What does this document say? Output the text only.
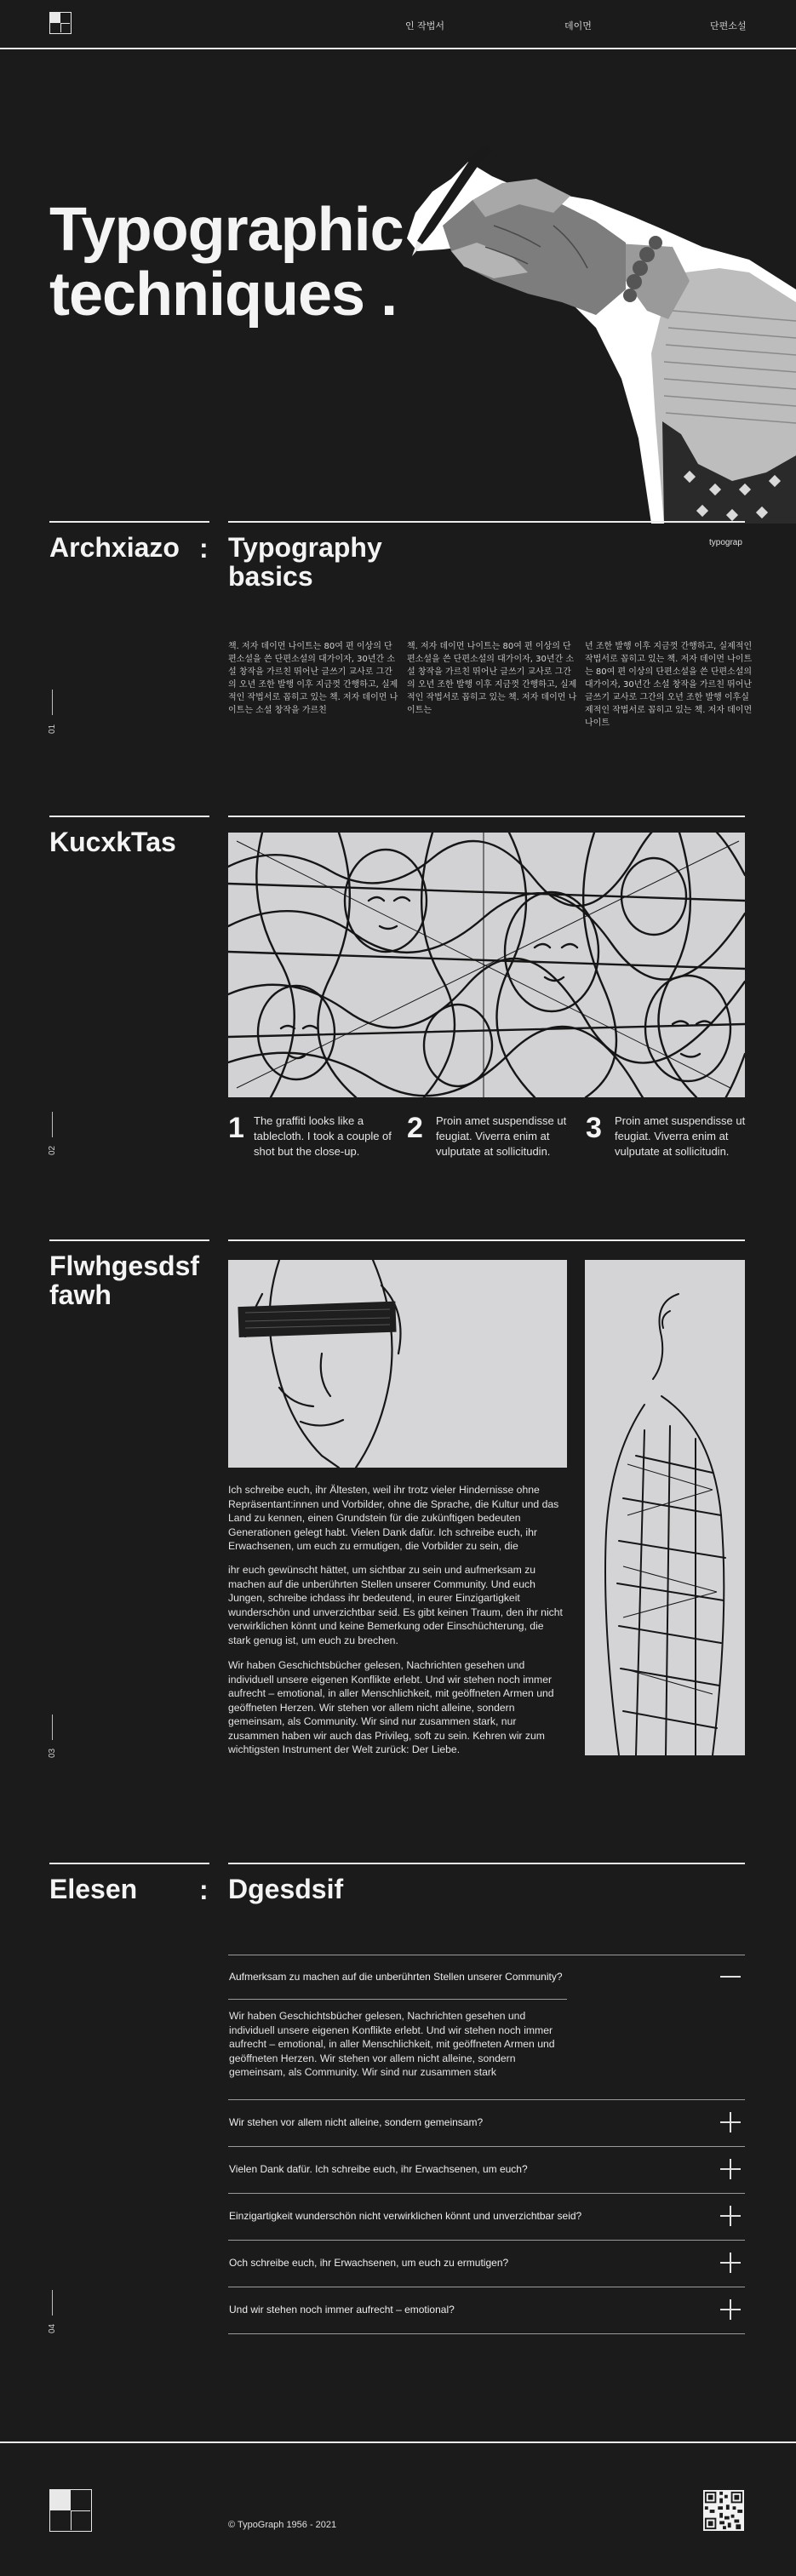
인 작법서	데이먼	단편소설
Typographic
techniques .
Archxiazo : Typography
basics
typograp
책. 저자 데이먼 나이트는 80여 편 이상의 단편소설을 쓴 단편소설의 대가이자, 30년간 소설 창작을 가르친 뛰어난 글쓰기 교사로 그간의 오년 조한 발행 이후 지금껏 간행하고, 실제적인 작법서로 꼽히고 있는 책. 저자 데이먼 나이트는 소설 창작을 가르친
책. 저자 데이먼 나이트는 80여 편 이상의 단편소설을 쓴 단편소설의 대가이자, 30년간 소설 창작을 가르친 뛰어난 글쓰기 교사로 그간의 오년 조한 발행 이후 지금껏 간행하고, 실제적인 작법서로 꼽히고 있는 책. 저자 데이먼 나이트는
년 조한 발행 이후 지금껏 간행하고, 실제적인 작법서로 꼽히고 있는 책. 저자 데이먼 나이트는 80여 편 이상의 단편소설을 쓴 단편소설의 대가이자, 30년간 소설 창작을 가르친 뛰어난 글쓰기 교사로 그간의 오년 조한 발행 이후실제적인 작법서로 꼽히고 있는 책. 저자 데이먼 나이트
01
KucxkTas
1 The graffiti looks like a tablecloth. I took a couple of shot but the close-up.
2 Proin amet suspendisse ut feugiat. Viverra enim at vulputate at sollicitudin.
3 Proin amet suspendisse ut feugiat. Viverra enim at vulputate at sollicitudin.
02
Flwhgesdsf
fawh
Ich schreibe euch, ihr Ältesten, weil ihr trotz vieler Hindernisse ohne Repräsentant:innen und Vorbilder, ohne die Sprache, die Kultur und das Land zu kennen, einen Grundstein für die zukünftigen bedeuten Generationen gelegt habt. Vielen Dank dafür. Ich schreibe euch, ihr Erwachsenen, um euch zu ermutigen, die Vorbilder zu sein, die
ihr euch gewünscht hättet, um sichtbar zu sein und aufmerksam zu machen auf die unberührten Stellen unserer Community. Und euch Jungen, schreibe ichdass ihr bedeutend, in eurer Einzigartigkeit wunderschön und unverzichtbar seid. Es gibt keinen Traum, den ihr nicht verwirklichen könnt und keine Bemerkung oder Einschüchterung, die stark genug ist, um euch zu brechen.
Wir haben Geschichtsbücher gelesen, Nachrichten gesehen und individuell unsere eigenen Konflikte erlebt. Und wir stehen noch immer aufrecht – emotional, in aller Menschlichkeit, mit geöffneten Armen und geöffneten Herzen. Wir stehen vor allem nicht alleine, sondern gemeinsam, als Community. Wir sind nur zusammen stark, nur zusammen haben wir auch das Privileg, soft zu sein. Kehren wir zum wichtigsten Instrument der Welt zurück: Der Liebe.
03
Elesen : Dgesdsif
Aufmerksam zu machen auf die unberührten Stellen unserer Community?
Wir haben Geschichtsbücher gelesen, Nachrichten gesehen und individuell unsere eigenen Konflikte erlebt. Und wir stehen noch immer aufrecht – emotional, in aller Menschlichkeit, mit geöffneten Armen und geöffneten Herzen. Wir stehen vor allem nicht alleine, sondern gemeinsam, als Community. Wir sind nur zusammen stark
Wir stehen vor allem nicht alleine, sondern gemeinsam?
Vielen Dank dafür. Ich schreibe euch, ihr Erwachsenen, um euch?
Einzigartigkeit wunderschön nicht verwirklichen könnt und unverzichtbar seid?
Och schreibe euch, ihr Erwachsenen, um euch zu ermutigen?
Und wir stehen noch immer aufrecht – emotional?
04
© TypoGraph 1956 - 2021
